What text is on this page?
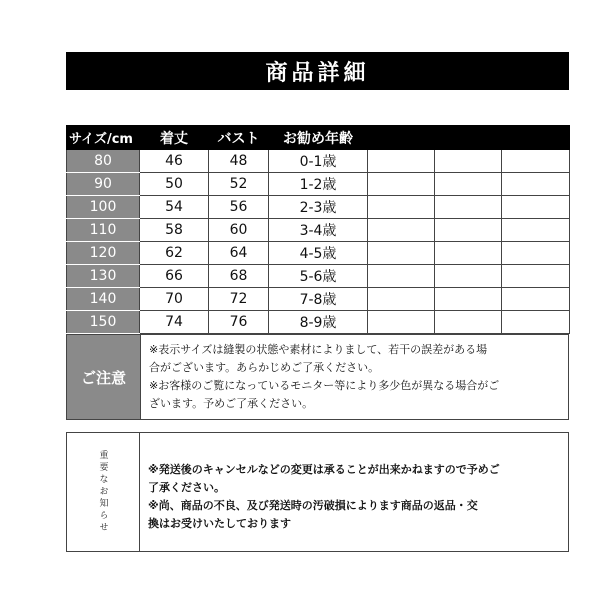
商品詳細
サイズ/cm	着丈	バスト	お勧め年齢			
80	46	48	0-1歳			
90	50	52	1-2歳			
100	54	56	2-3歳			
110	58	60	3-4歳			
120	62	64	4-5歳			
130	66	68	5-6歳			
140	70	72	7-8歳			
150	74	76	8-9歳			
ご注意	
※表示サイズは縫製の状態や素材によりまして、若干の誤差がある場
合がございます。あらかじめご了承ください。
※お客様のご覧になっているモニター等により多少色が異なる場合がご
ざいます。予めご了承ください。
重要なお知らせ	※発送後のキャンセルなどの変更は承ることが出来かねますので予めご
了承ください。
※尚、商品の不良、及び発送時の汚破損によります商品の返品・交
換はお受けいたしております
